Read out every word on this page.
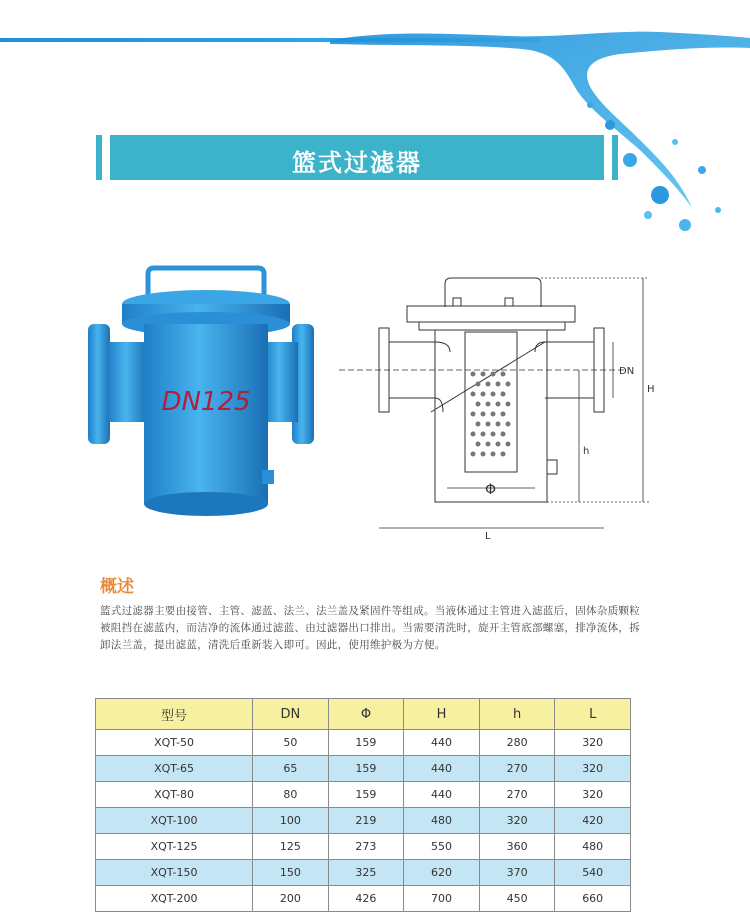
篮式过滤器
DN125
DN
H
h
Φ
L
概述
篮式过滤器主要由接管、主管、滤蓝、法兰、法兰盖及紧固件等组成。当液体通过主管进入滤蓝后，固体杂质颗粒被阻挡在滤蓝内，而洁净的流体通过滤蓝、由过滤器出口排出。当需要清洗时，旋开主管底部螺塞，排净流体，拆卸法兰盖，提出滤蓝，清洗后重新装入即可。因此，使用维护极为方便。
型号	DN	Φ	H	h	L
XQT-50	50	159	440	280	320
XQT-65	65	159	440	270	320
XQT-80	80	159	440	270	320
XQT-100	100	219	480	320	420
XQT-125	125	273	550	360	480
XQT-150	150	325	620	370	540
XQT-200	200	426	700	450	660
